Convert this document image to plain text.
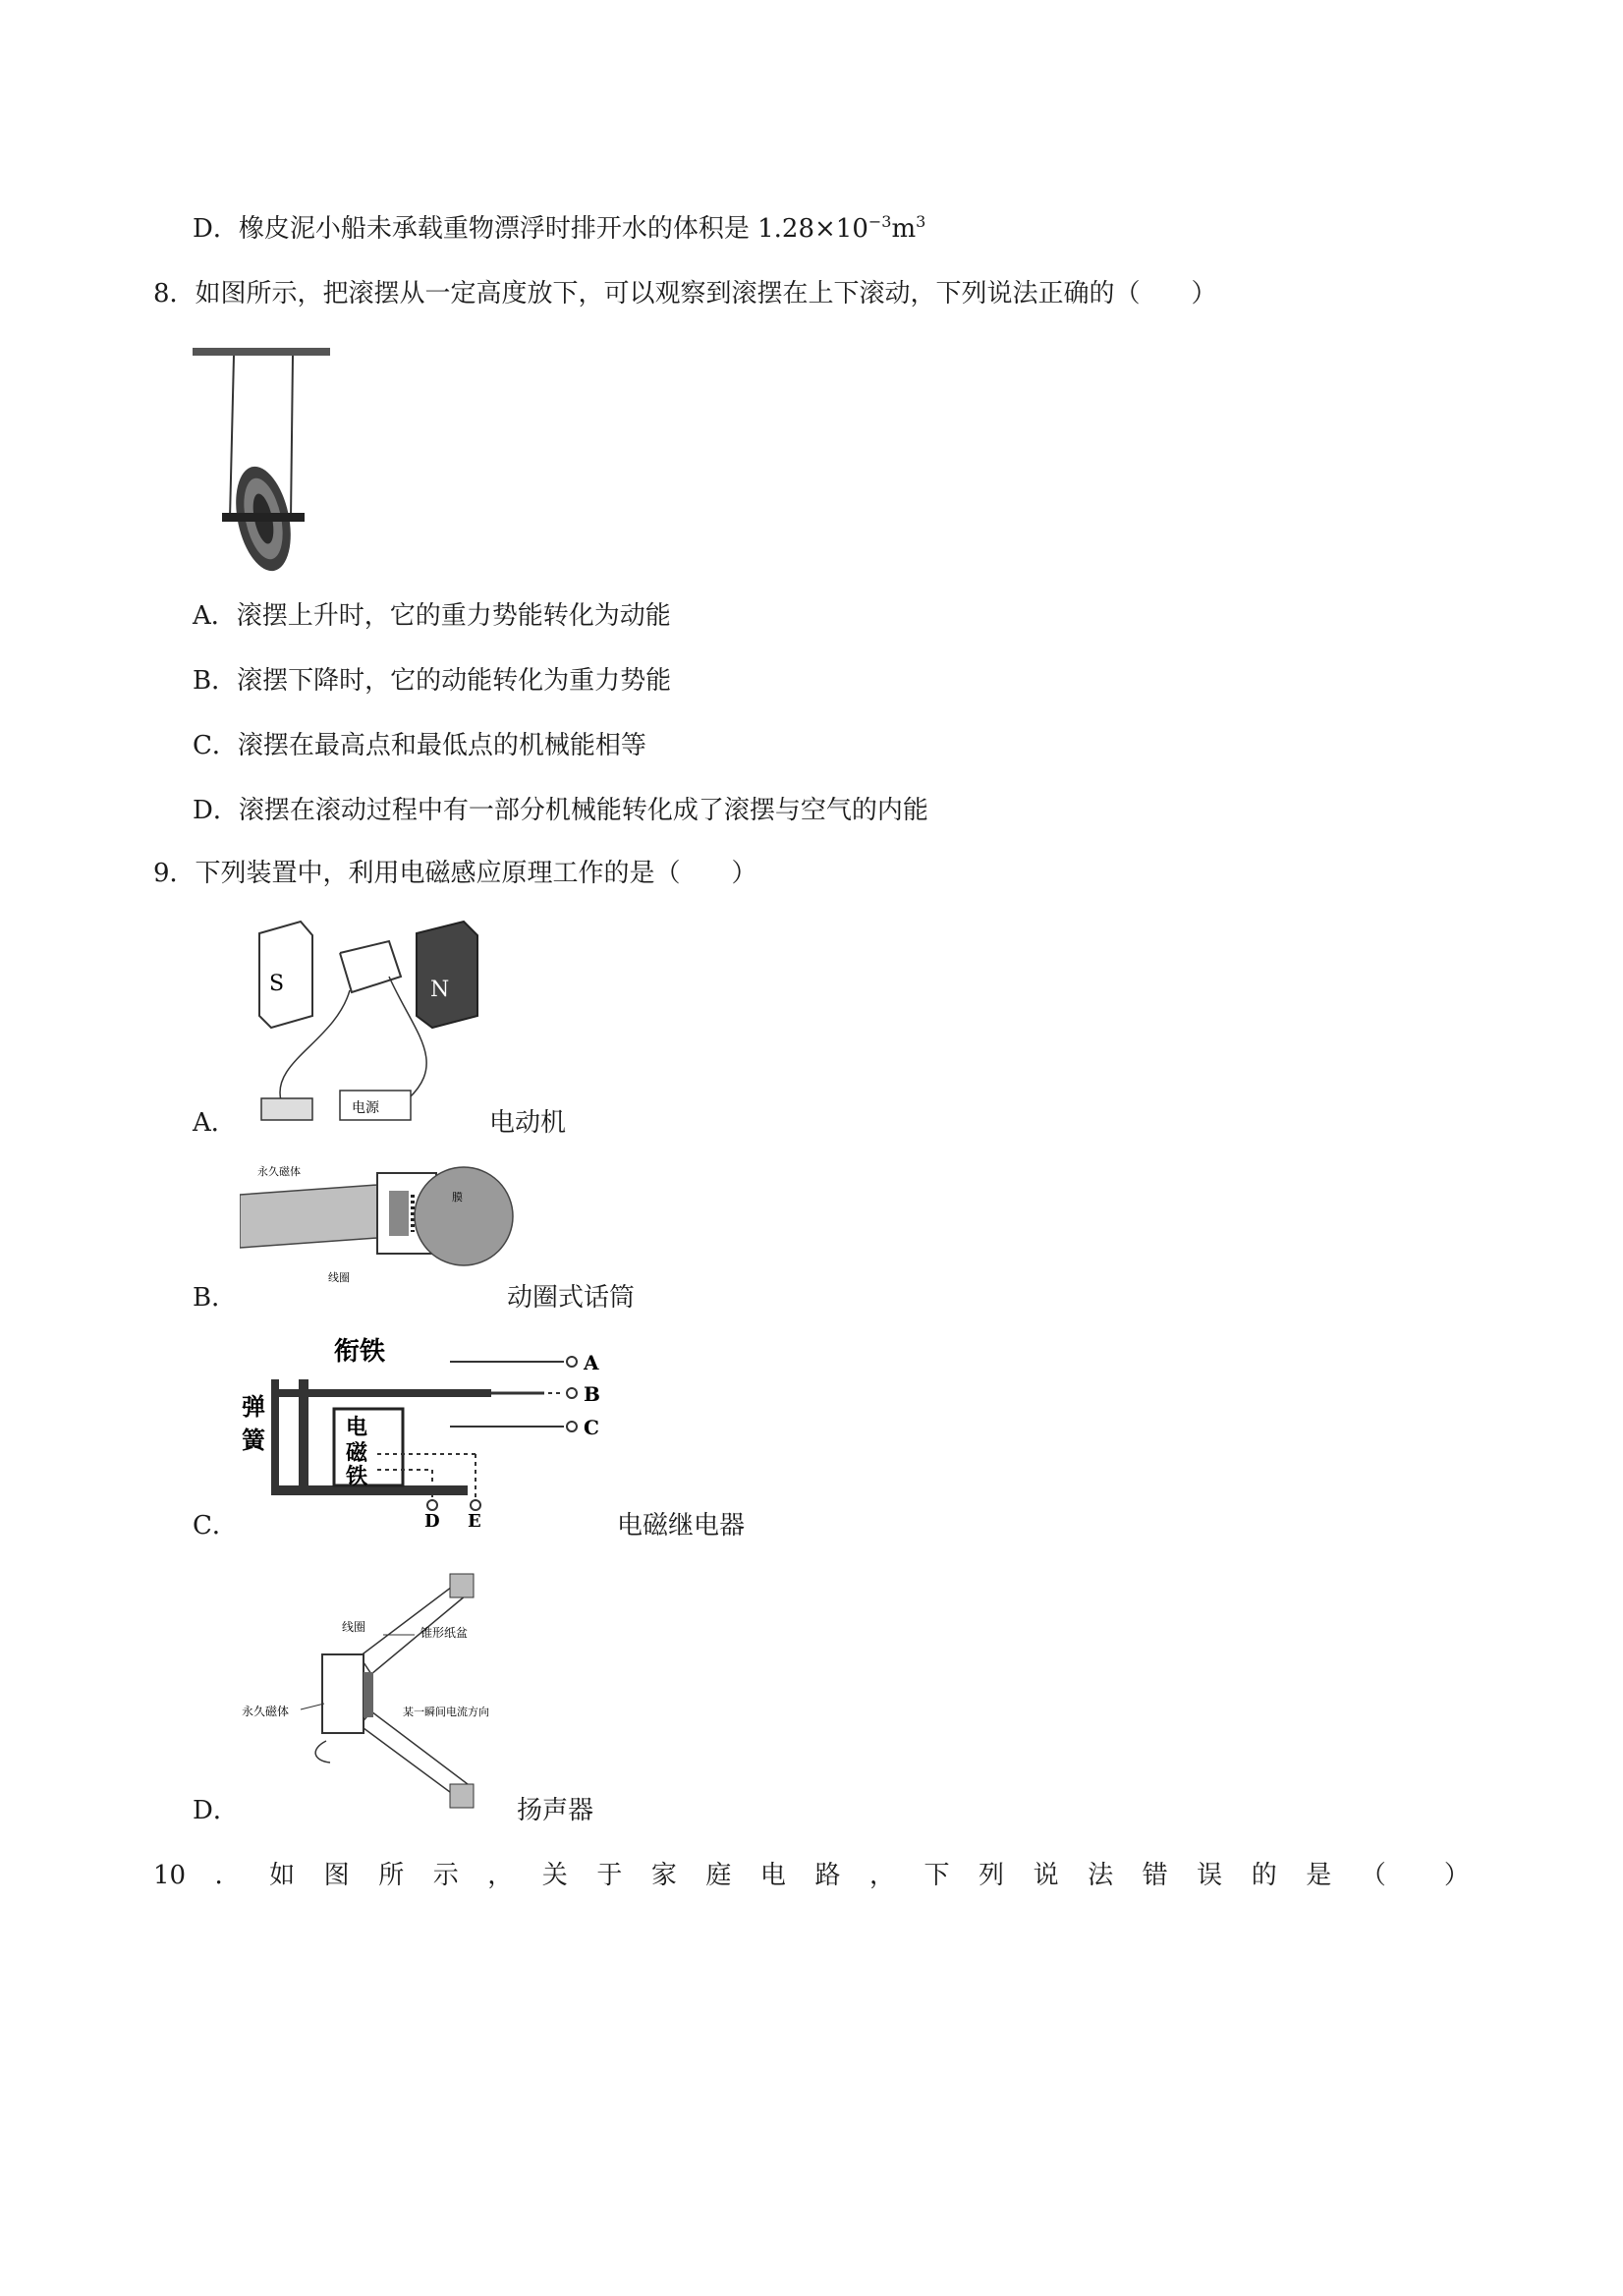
D．橡皮泥小船未承载重物漂浮时排开水的体积是 $1.28\times 10^{-3}m^3$
8．如图所示，把滚摆从一定高度放下，可以观察到滚摆在上下滚动，下列说法正确的（　　）
A．滚摆上升时，它的重力势能转化为动能
B．滚摆下降时，它的动能转化为重力势能
C．滚摆在最高点和最低点的机械能相等
D．滚摆在滚动过程中有一部分机械能转化成了滚摆与空气的内能
9．下列装置中，利用电磁感应原理工作的是（　　）
S	N
电源
A．	电动机
永久磁体
线圈
膜
B．	动圈式话筒
衔铁
弹
簧	电
磁
铁
A
B
C
D E
C．	电磁继电器
线圈	锥形纸盆
永久磁体	某一瞬间电流方向
D．	扬声器
10 ． 如 图 所 示 ， 关 于 家 庭 电 路 ， 下 列 说 法 错 误 的 是 （ ）
